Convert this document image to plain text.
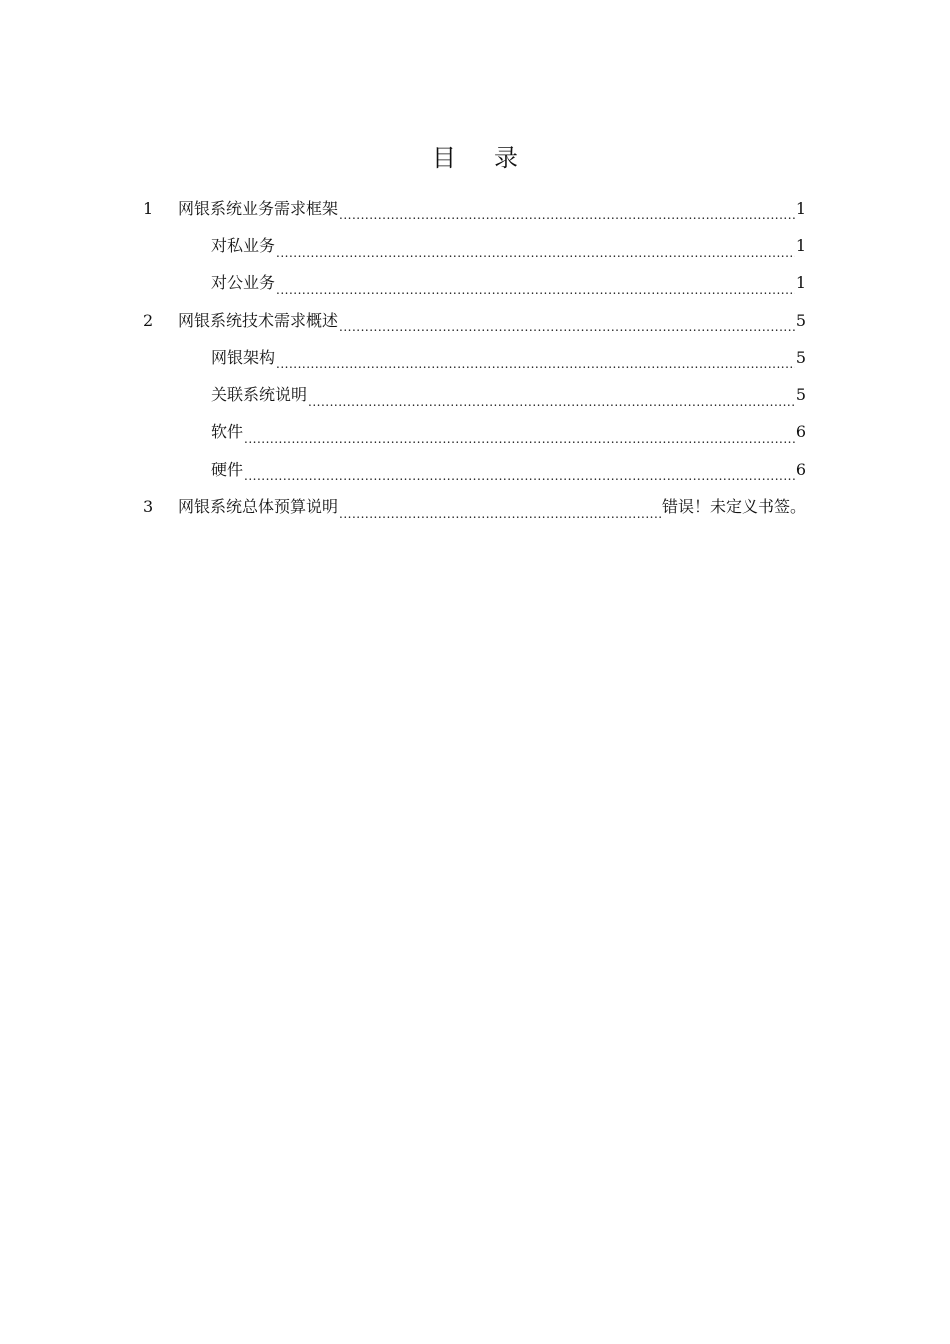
目 录
1	网银系统业务需求框架 .....	1
对私业务 .....	1
对公业务 .....	1
2	网银系统技术需求概述 .....	5
网银架构 .....	5
关联系统说明 .....	5
软件 .....	6
硬件 .....	6
3	网银系统总体预算说明 .....	错误！未定义书签。
